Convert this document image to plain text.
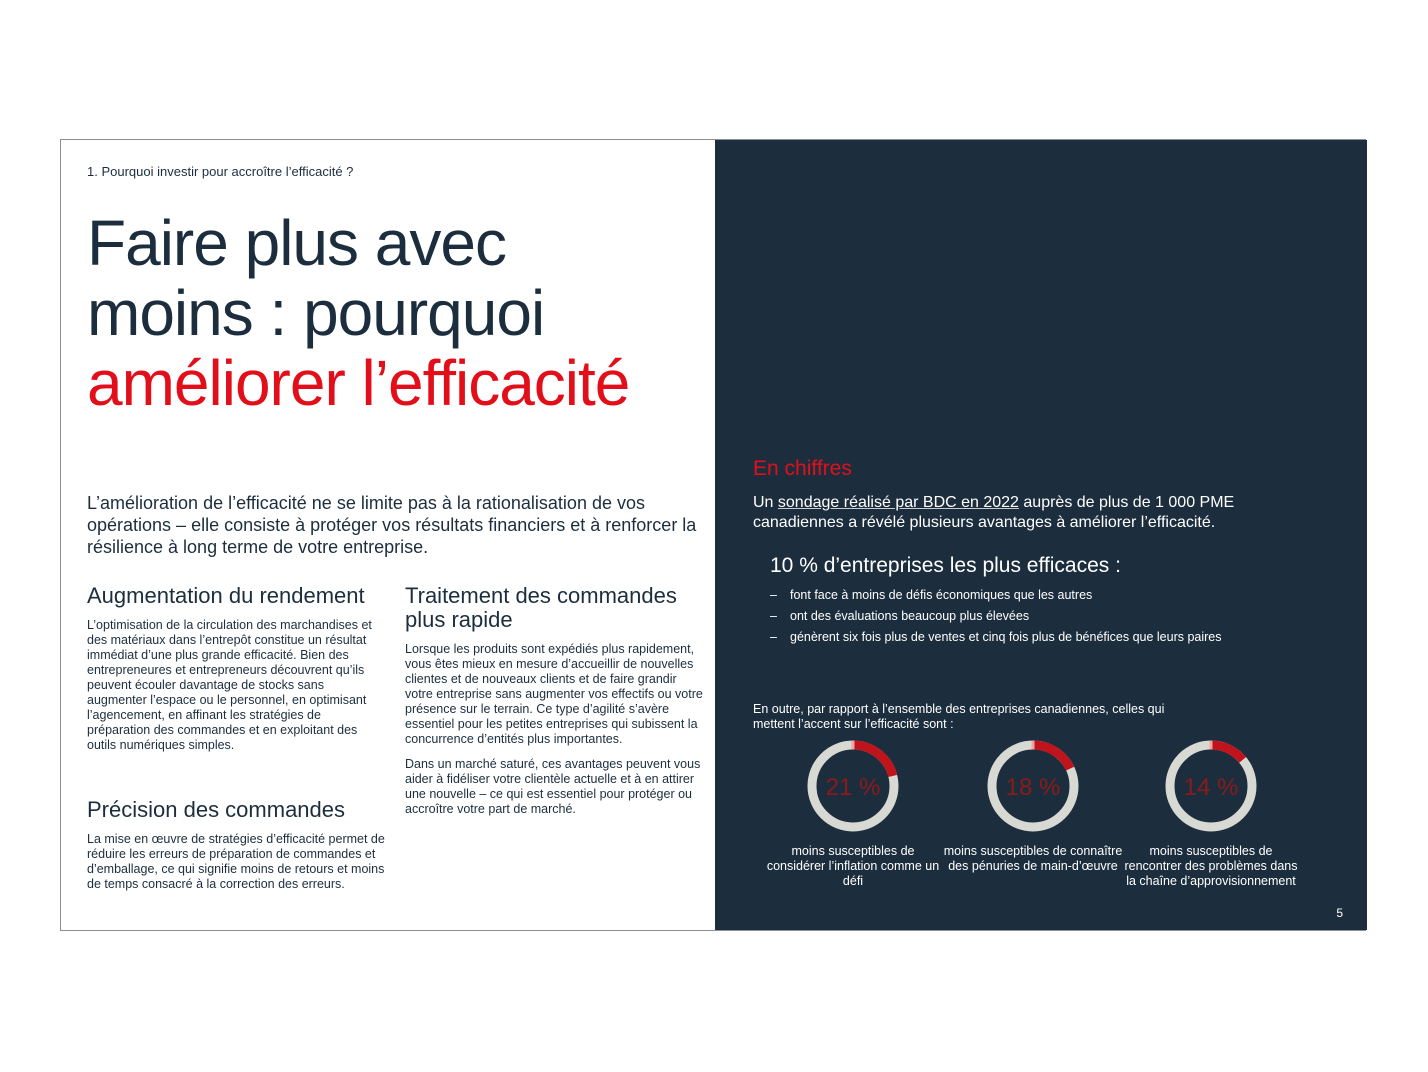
1. Pourquoi investir pour accroître l’efficacité ?
Faire plus avec
moins : pourquoi
améliorer l’efficacité

L’amélioration de l’efficacité ne se limite pas à la rationalisation de vos opérations – elle consiste à protéger vos résultats financiers et à renforcer la résilience à long terme de votre entreprise.

Augmentation du rendement

L’optimisation de la circulation des marchandises et des matériaux dans l’entrepôt constitue un résultat immédiat d’une plus grande efficacité. Bien des entrepreneures et entrepreneurs découvrent qu’ils peuvent écouler davantage de stocks sans augmenter l’espace ou le personnel, en optimisant l’agencement, en affinant les stratégies de préparation des commandes et en exploitant des outils numériques simples.

Précision des commandes

La mise en œuvre de stratégies d’efficacité permet de réduire les erreurs de préparation de commandes et d’emballage, ce qui signifie moins de retours et moins de temps consacré à la correction des erreurs.

Traitement des commandes plus rapide

Lorsque les produits sont expédiés plus rapidement, vous êtes mieux en mesure d’accueillir de nouvelles clientes et de nouveaux clients et de faire grandir votre entreprise sans augmenter vos effectifs ou votre présence sur le terrain. Ce type d’agilité s’avère essentiel pour les petites entreprises qui subissent la concurrence d’entités plus importantes.

Dans un marché saturé, ces avantages peuvent vous aider à fidéliser votre clientèle actuelle et à en attirer une nouvelle – ce qui est essentiel pour protéger ou accroître votre part de marché.

En chiffres
Un sondage réalisé par BDC en 2022 auprès de plus de 1 000 PME canadiennes a révélé plusieurs avantages à améliorer l’efficacité.
10 % d’entreprises les plus efficaces :
– font face à moins de défis économiques que les autres
– ont des évaluations beaucoup plus élevées
– génèrent six fois plus de ventes et cinq fois plus de bénéfices que leurs paires
En outre, par rapport à l’ensemble des entreprises canadiennes, celles qui mettent l’accent sur l’efficacité sont :
21 %
moins susceptibles de considérer l’inflation comme un défi
18 %
moins susceptibles de connaître des pénuries de main-d’œuvre
14 %
moins susceptibles de rencontrer des problèmes dans la chaîne d’approvisionnement
5
